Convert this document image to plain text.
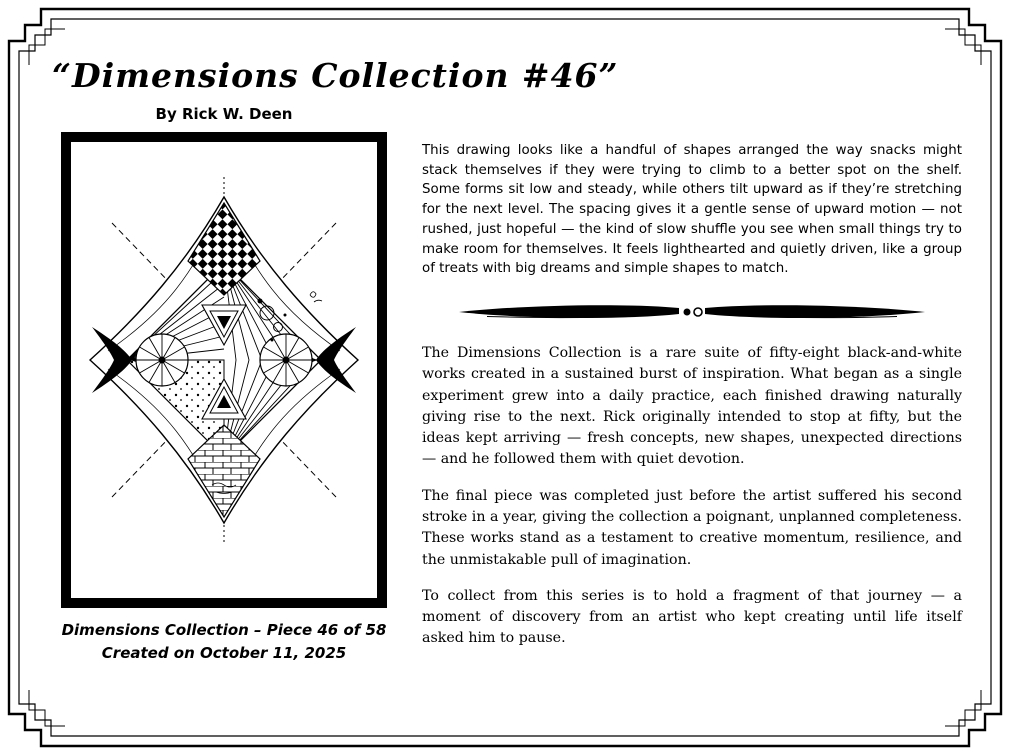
“Dimensions Collection #46”
By Rick W. Deen
Dimensions Collection – Piece 46 of 58
Created on October 11, 2025

This drawing looks like a handful of shapes arranged the way snacks might stack themselves if they were trying to climb to a better spot on the shelf. Some forms sit low and steady, while others tilt upward as if they’re stretching for the next level. The spacing gives it a gentle sense of upward motion — not rushed, just hopeful — the kind of slow shuffle you see when small things try to make room for themselves. It feels lighthearted and quietly driven, like a group of treats with big dreams and simple shapes to match.

The Dimensions Collection is a rare suite of fifty-eight black-and-white works created in a sustained burst of inspiration. What began as a single experiment grew into a daily practice, each finished drawing naturally giving rise to the next. Rick originally intended to stop at fifty, but the ideas kept arriving — fresh concepts, new shapes, unexpected directions — and he followed them with quiet devotion.

The final piece was completed just before the artist suffered his second stroke in a year, giving the collection a poignant, unplanned completeness. These works stand as a testament to creative momentum, resilience, and the unmistakable pull of imagination.

To collect from this series is to hold a fragment of that journey — a moment of discovery from an artist who kept creating until life itself asked him to pause.
